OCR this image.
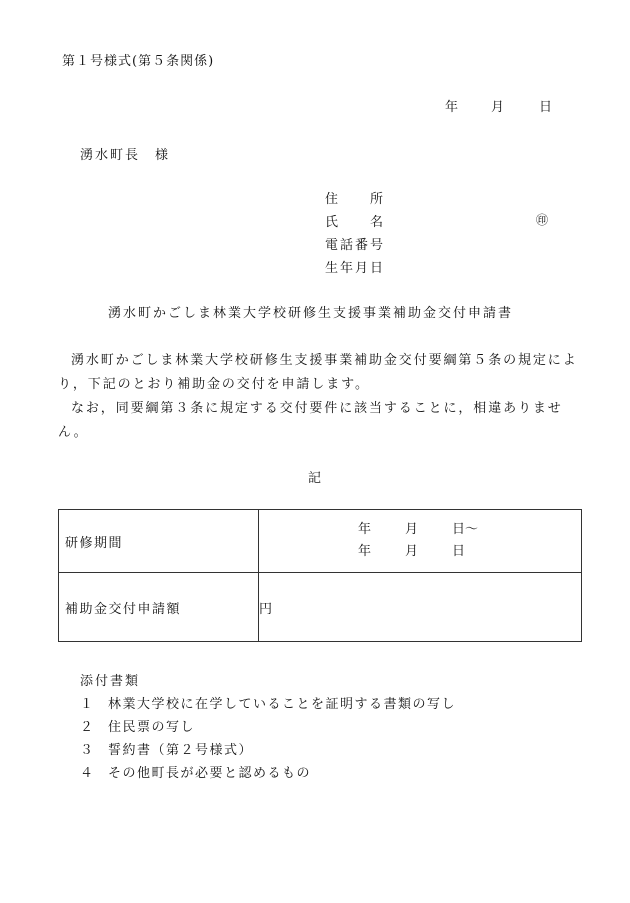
第１号様式(第５条関係)
年	月	日
湧水町長　様
住　　所
氏　　名	㊞
電話番号
生年月日
湧水町かごしま林業大学校研修生支援事業補助金交付申請書

湧水町かごしま林業大学校研修生支援事業補助金交付要綱第５条の規定により，下記のとおり補助金の交付を申請します。

なお，同要綱第３条に規定する交付要件に該当することに，相違ありません。

記
研修期間	年 月 日～
年 月 日

補助金交付申請額	円
添付書類
１ 林業大学校に在学していることを証明する書類の写し
２ 住民票の写し
３ 誓約書（第２号様式）
４ その他町長が必要と認めるもの
